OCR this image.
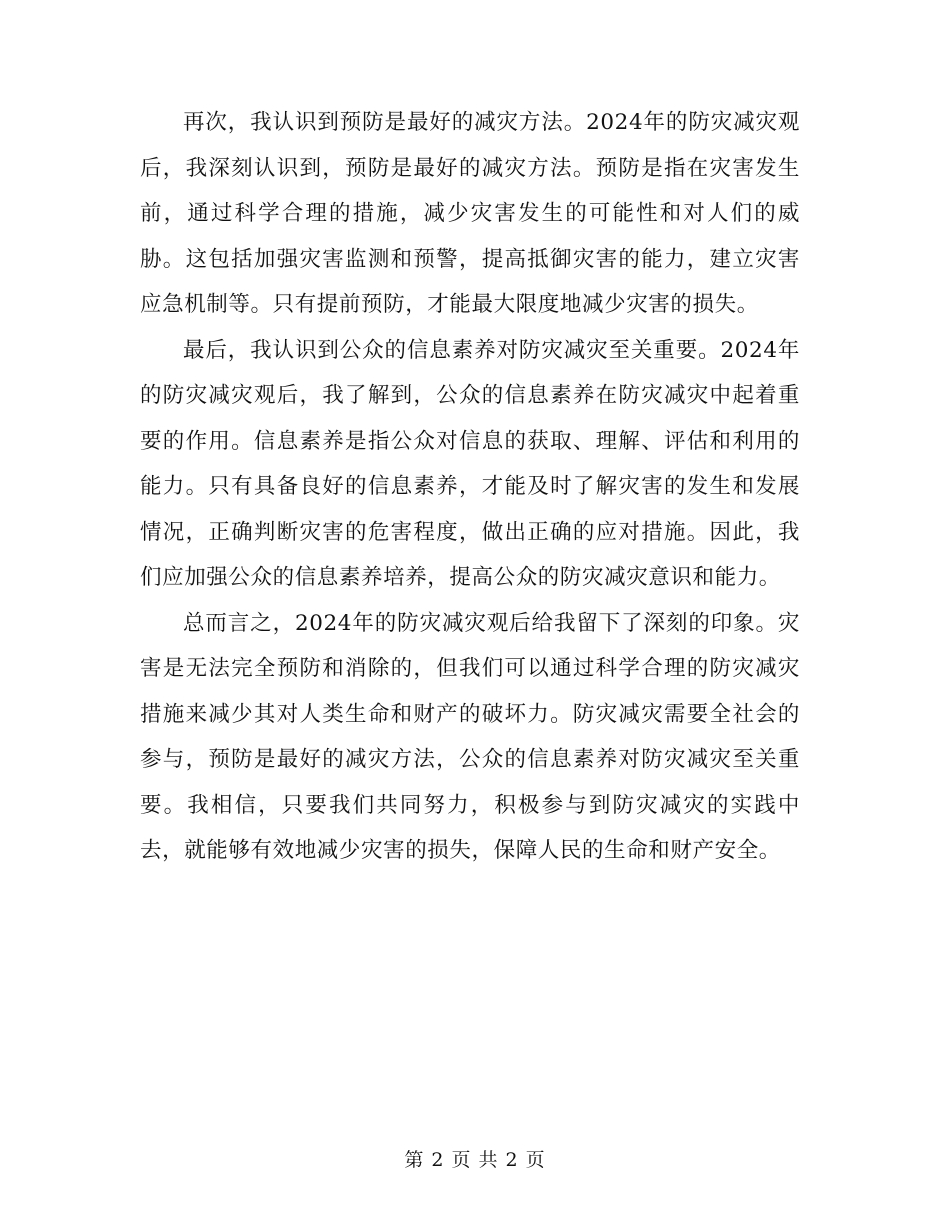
再次，我认识到预防是最好的减灾方法。2024年的防灾减灾观后，我深刻认识到，预防是最好的减灾方法。预防是指在灾害发生前，通过科学合理的措施，减少灾害发生的可能性和对人们的威胁。这包括加强灾害监测和预警，提高抵御灾害的能力，建立灾害应急机制等。只有提前预防，才能最大限度地减少灾害的损失。

最后，我认识到公众的信息素养对防灾减灾至关重要。2024年的防灾减灾观后，我了解到，公众的信息素养在防灾减灾中起着重要的作用。信息素养是指公众对信息的获取、理解、评估和利用的能力。只有具备良好的信息素养，才能及时了解灾害的发生和发展情况，正确判断灾害的危害程度，做出正确的应对措施。因此，我们应加强公众的信息素养培养，提高公众的防灾减灾意识和能力。

总而言之，2024年的防灾减灾观后给我留下了深刻的印象。灾害是无法完全预防和消除的，但我们可以通过科学合理的防灾减灾措施来减少其对人类生命和财产的破坏力。防灾减灾需要全社会的参与，预防是最好的减灾方法，公众的信息素养对防灾减灾至关重要。我相信，只要我们共同努力，积极参与到防灾减灾的实践中去，就能够有效地减少灾害的损失，保障人民的生命和财产安全。

第 2 页 共 2 页
